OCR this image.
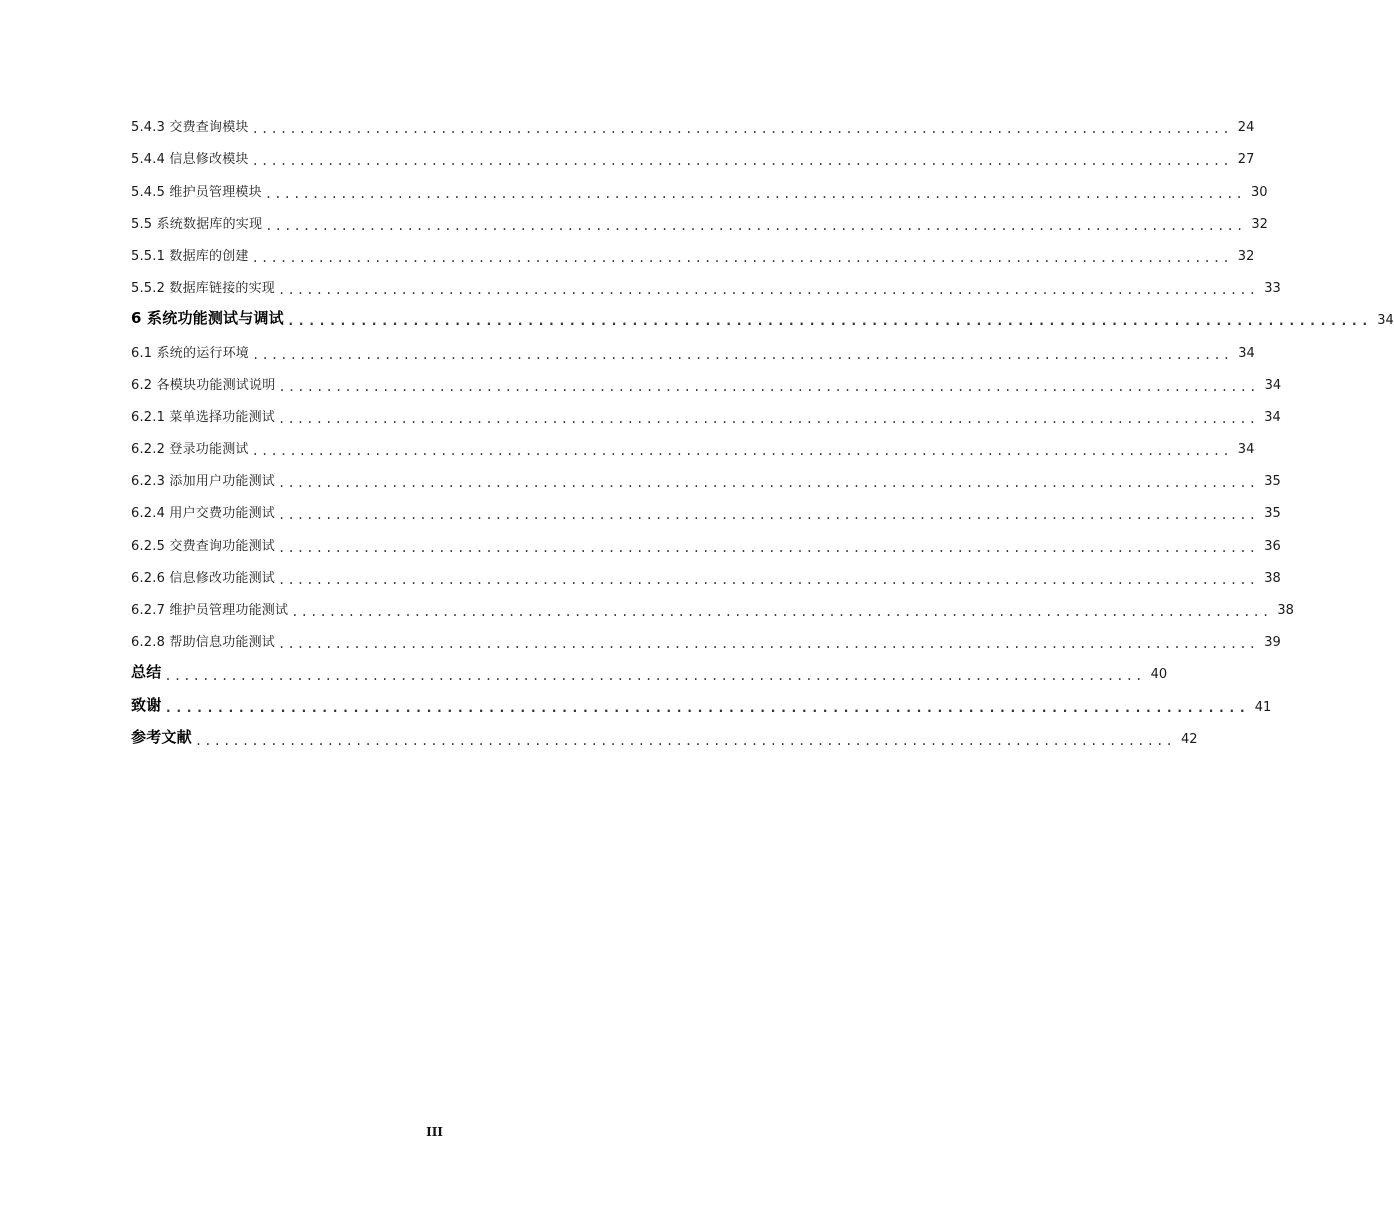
5.4.3 交费查询模块 ........................................................................................................ 24
5.4.4 信息修改模块 ........................................................................................................ 27
5.4.5 维护员管理模块 ........................................................................................................ 30
5.5 系统数据库的实现 ........................................................................................................ 32
5.5.1 数据库的创建 ........................................................................................................ 32
5.5.2 数据库链接的实现 ........................................................................................................ 33
6 系统功能测试与调试 ........................................................................................................ 34
6.1 系统的运行环境 ........................................................................................................ 34
6.2 各模块功能测试说明 ........................................................................................................ 34
6.2.1 菜单选择功能测试 ........................................................................................................ 34
6.2.2 登录功能测试 ........................................................................................................ 34
6.2.3 添加用户功能测试 ........................................................................................................ 35
6.2.4 用户交费功能测试 ........................................................................................................ 35
6.2.5 交费查询功能测试 ........................................................................................................ 36
6.2.6 信息修改功能测试 ........................................................................................................ 38
6.2.7 维护员管理功能测试 ........................................................................................................ 38
6.2.8 帮助信息功能测试 ........................................................................................................ 39
总结 ........................................................................................................ 40
致谢 ........................................................................................................ 41
参考文献 ........................................................................................................ 42
III
